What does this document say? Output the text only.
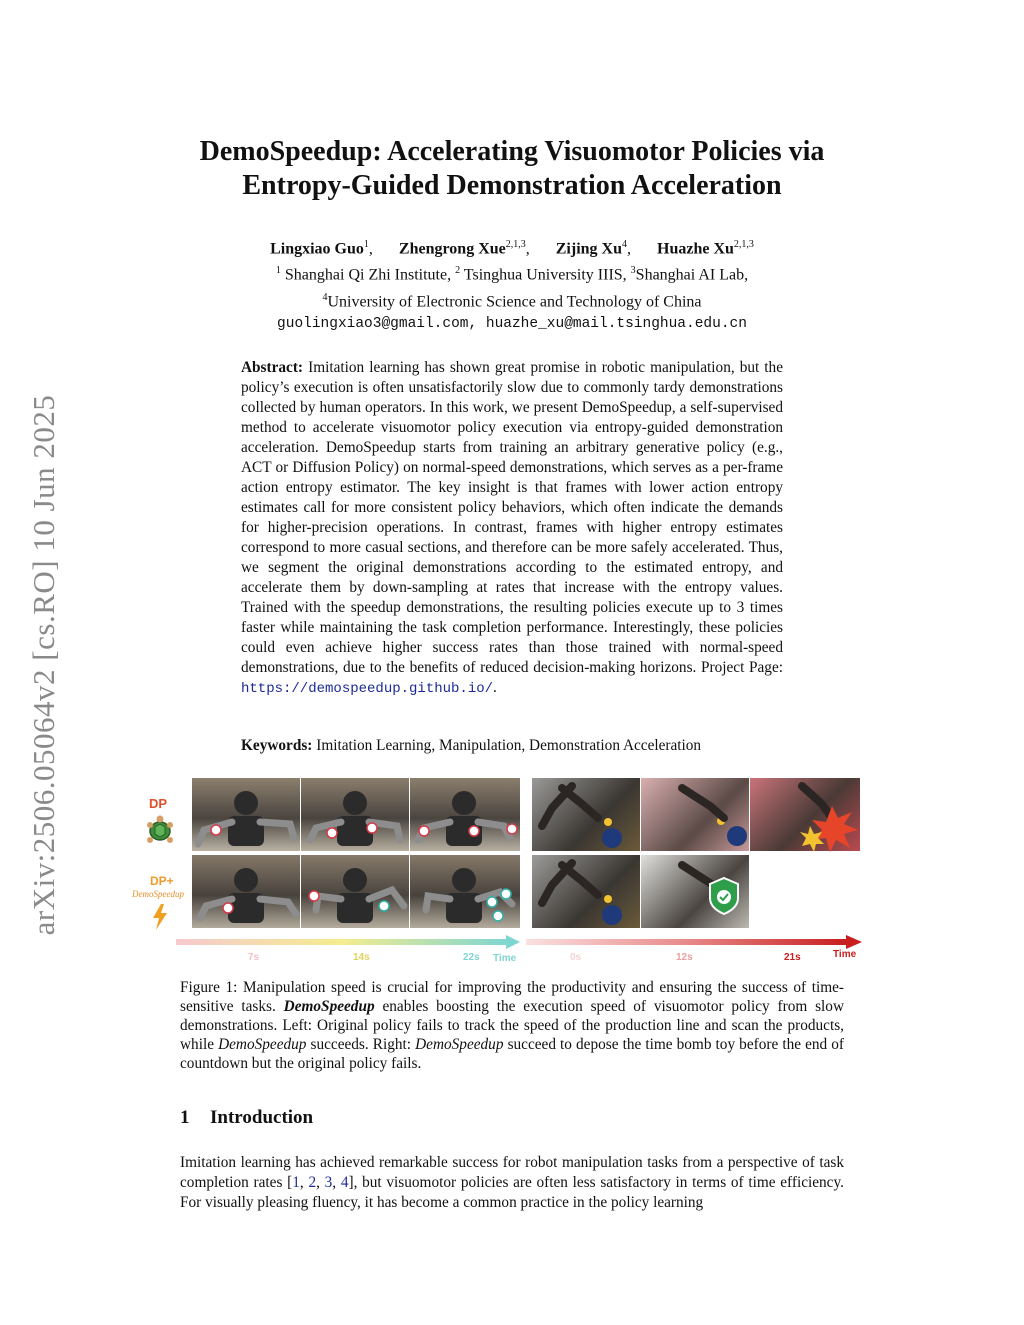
arXiv:2506.05064v2 [cs.RO] 10 Jun 2025
DemoSpeedup: Accelerating Visuomotor Policies via
Entropy-Guided Demonstration Acceleration
Lingxiao Guo$^1$, Zhengrong Xue$^{2,1,3}$, Zijing Xu$^4$, Huazhe Xu$^{2,1,3}$
$^1$ Shanghai Qi Zhi Institute, $^2$ Tsinghua University IIIS, $^3$Shanghai AI Lab,
$^4$University of Electronic Science and Technology of China
guolingxiao3@gmail.com, huazhe_xu@mail.tsinghua.edu.cn
Abstract: Imitation learning has shown great promise in robotic manipulation, but the policy’s execution is often unsatisfactorily slow due to commonly tardy demonstrations collected by human operators. In this work, we present DemoSpeedup, a self-supervised method to accelerate visuomotor policy execution via entropy-guided demonstration acceleration. DemoSpeedup starts from training an arbitrary generative policy (e.g., ACT or Diffusion Policy) on normal-speed demonstrations, which serves as a per-frame action entropy estimator. The key insight is that frames with lower action entropy estimates call for more consistent policy behaviors, which often indicate the demands for higher-precision operations. In contrast, frames with higher entropy estimates correspond to more casual sections, and therefore can be more safely accelerated. Thus, we segment the original demonstrations according to the estimated entropy, and accelerate them by down-sampling at rates that increase with the entropy values. Trained with the speedup demonstrations, the resulting policies execute up to 3 times faster while maintaining the task completion performance. Interestingly, these policies could even achieve higher success rates than those trained with normal-speed demonstrations, due to the benefits of reduced decision-making horizons. Project Page: https://demospeedup.github.io/.
Keywords: Imitation Learning, Manipulation, Demonstration Acceleration
DP
DP+
DemoSpeedup
7s	14s	22s Time	0s	12s	21s	Time
Figure 1: Manipulation speed is crucial for improving the productivity and ensuring the success of time-sensitive tasks. DemoSpeedup enables boosting the execution speed of visuomotor policy from slow demonstrations. Left: Original policy fails to track the speed of the production line and scan the products, while DemoSpeedup succeeds. Right: DemoSpeedup succeed to depose the time bomb toy before the end of countdown but the original policy fails.
1 Introduction
Imitation learning has achieved remarkable success for robot manipulation tasks from a perspective of task completion rates [1, 2, 3, 4], but visuomotor policies are often less satisfactory in terms of time efficiency. For visually pleasing fluency, it has become a common practice in the policy learning
